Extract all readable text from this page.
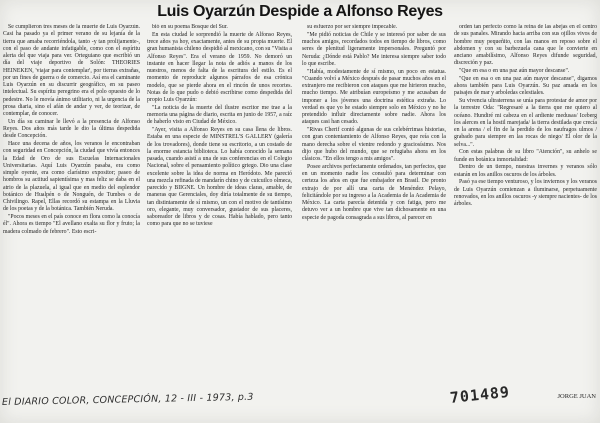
Luis Oyarzún Despide a Alfonso Reyes

Se cumplieron tres meses de la muerte de Luis Oyarzún. Casi ha pasado ya el primer verano de su lejanía de la tierra que amaba recorriéndola, tanto -y tan prolijamente-, con el paso de andante infatigable, como con el espíritu alerta del que viaja para ver. Orteguiano que escribió un día del viaje deportivo de Solón: THEORIES HEINEKEN, 'viajar para contemplar', por tierras extrañas, por un fines de guerra o de comercio. Así era el caminante Luis Oyarzún en su discurrir geográfico, en su paseo intelectual. Su espíritu peregrino era el polo opuesto de lo pedestre. No le movía ánimo utilitario, ni la urgencia de la prosa diaria, sino el afán de andar y ver, de teorizar, de contemplar, de conocer.

Un día su caminar le llevó a la presencia de Alfonso Reyes. Dos años más tarde le dio la última despedida desde Concepción.

Hace una decena de años, los veranos le encontraban con seguridad en Concepción, la ciudad que vivía entonces la Edad de Oro de sus Escuelas Internacionales Universitarias. Aquí Luis Oyarzún pasaba, era como simple oyente, era como clarísimo expositor; paseo de hombros su actitud sapientísima y mas feliz se daba en el atrio de la plazuela, al igual que en medio del esplendor botánico de Hualpén o de Nonguén, de Tumbes o de Chivilingo. Rapel, Ellas recordó su estampa en la Lluvia de los poetas y de la botánica. También Neruda.

"Pocos meses en el país conoce en flora como la conocía él". Ahora es tiempo "El avellano exalta su flor y fruto; la madera colmado de febrero". Esto escri-

bió en su poema Bosque del Sur.

En esta ciudad le sorprendió la muerte de Alfonso Reyes, trece años ya hoy, exactamente, antes de su propia muerte. El gran humanista chileno despidió al mexicano, con su "Visita a Alfonso Reyes". Era el verano de 1959. No demoró un instante en hacer llegar la nota de adiós a manos de los nuestros, menos de falta de la escritura del estilo. Es el momento de reproducir algunos párrafos de esa crónica modelo, que se pierde ahora en el rincón de unos recortes. Notas de lo que pudo o debió escribirse como despedida del propio Luis Oyarzún:

"La noticia de la muerte del ilustre escritor me trae a la memoria una página de diario, escrita en junio de 1957, a raíz de haberlo visto en Ciudad de México.

"Ayer, visita a Alfonso Reyes en su casa llena de libros. Estaba en una especie de MINSTREL'S GALLERY (galería de los trovadores), donde tiene su escritorio, a un costado de la enorme estancia biblioteca. Lo había conocido la semana pasada, cuando asistí a una de sus conferencias en el Colegio Nacional, sobre el pensamiento político griego. Dio una clase excelente sobre la idea de norma en Heródoto. Me pareció una mezcla refinada de mandarín chino y de cuicuilco olmeca, parecido y BIIGNE. Un hombre de ideas claras, amable, de maneras que Gerenciales, doy diría totalmente de su tiempo, tan distintamente de sí mismo, un con el motivo de tantísimo oro, elegante, muy conversador, gustador de sus placeres, saboreador de libros y de cosas. Había hablado, pero tanto como para que no se tuviese

su esfuerzo por ser siempre impecable.

"Me pidió noticias de Chile y se interesó por saber de sus muchos amigos, recordados todos en tiempo de libros, como seres de plenitud ligeramente impersonales. Preguntó por Neruda: ¿Dónde está Pablo? Me interesa siempre saber todo lo que escribe.

"Había, modestamente de sí mismo, un poco en estatua. "Cuando volví a México después de pasar muchos años en el extranjero me recibieron con ataques que me hirieron mucho, mucho tiempo. Me atribuían europeísmo y me acusaban de imponer a los jóvenes una doctrina estética extraña. Lo verdad es que yo he estado siempre solo en México y no he pretendido influir directamente sobre nadie. Ahora los ataques casi han cesado.

"Rivas Cherif contó algunas de sus celebérrimas historias, con gran contentamiento de Alfonso Reyes, que reía con la mano derecha sobre el vientre redondo y graciosísimo. Nos dijo que hubo del mundo, que se refugiaba ahora en los clásicos. "En ellos tengo a mis amigos".

Posee archivos perfectamente ordenados, tan perfectos, que en un momento nadie los consultó para determinar con certeza los años en que fue embajador en Brasil. De pronto extrajo de por allí una carta de Menéndez Pelayo, felicitándole por su ingreso a la Academia de la Academia de México. La carta parecía detenida y con fatiga, pero me detuvo ver a un hombre que vive tan dichosamente en una especie de pagoda consagrada a sus libros, al parecer en

orden tan perfecto como la reina de las abejas en el centro de sus panales. Mirando hacia arriba con sus ojillos vivos de hombre muy pequeñito, con las manos en reposo sobre el abdomen y con su barbezuela cana que le convierte en anciano amabilísimo, Alfonso Reyes difunde seguridad, discreción y paz.

"Que en esa o en una paz aún mayor descanse".

"Que en esa o en una paz aún mayor descanse", digamos ahora también para Luis Oyarzún. Su paz amada en los paisajes de mar y arboledas celestiales.

Su vivencia ultraterrena se unía para protestar de amor por la terrestre Oda: "Regresaré a la tierra que me quiero al océano. Hundiré mi cabeza en el ardiente medusas/ Iceberg los alerces en la hostil marejada/ la tierra destilada que crecía en la arena / el fin de la perdido de los naufragos ulmos / grabado para siempre en las rocas de niego/ El olor de la selva...".

Con estas palabras de su libro "Atención", su anhelo se funde en botánica inmortalidad:

Dentro de un tiempo, nuestras invernes y veranos sólo estarán en los anillos oscuros de los árboles.

Pasó ya ese tiempo venturoso, y los inviernos y los veranos de Luis Oyarzún comienzan a iluminarse, perpetuamente renovados, en los anillos oscuros -y siempre nacientes- de los árboles.

JORGE JUAN
El DIARIO COLOR, CONCEPCIÓN, 12 - III - 1973, p.3	701489
